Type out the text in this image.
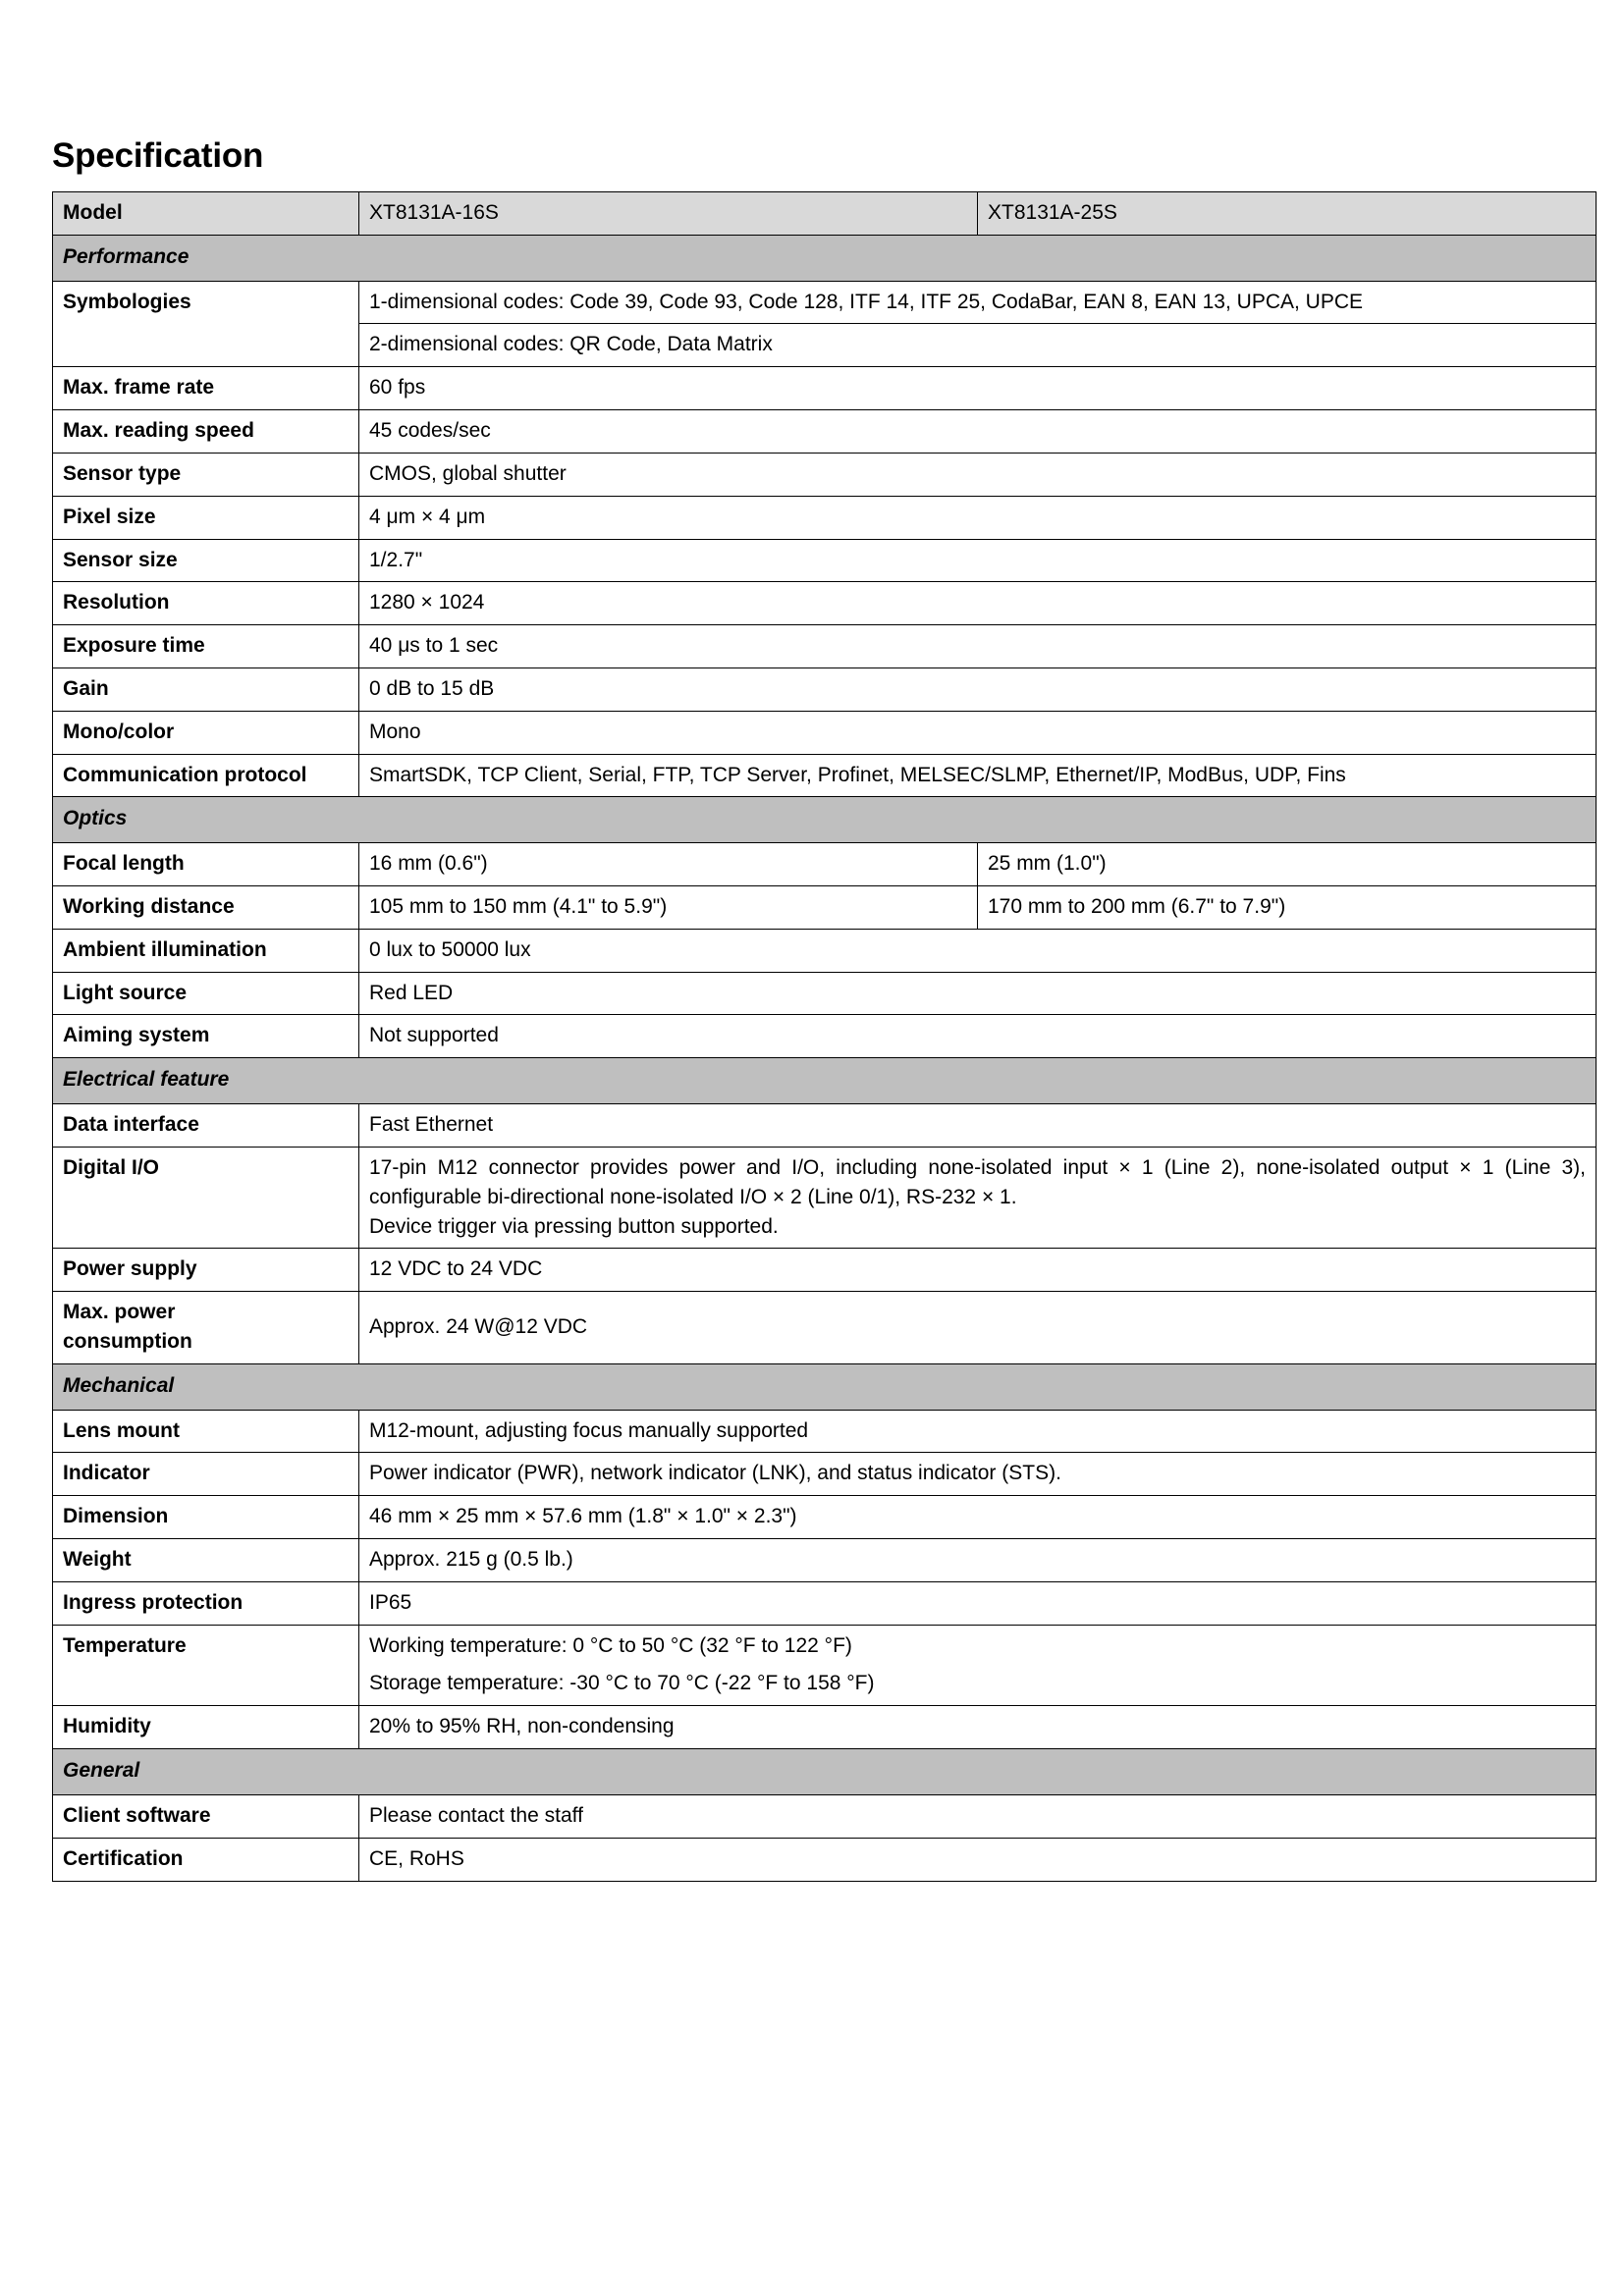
Specification
Model	XT8131A-16S	XT8131A-25S
Performance		
Symbologies	1-dimensional codes: Code 39, Code 93, Code 128, ITF 14, ITF 25, CodaBar, EAN 8, EAN 13, UPCA, UPCE	
	2-dimensional codes: QR Code, Data Matrix	
Max. frame rate	60 fps	
Max. reading speed	45 codes/sec	
Sensor type	CMOS, global shutter	
Pixel size	4 μm × 4 μm	
Sensor size	1/2.7"	
Resolution	1280 × 1024	
Exposure time	40 μs to 1 sec	
Gain	0 dB to 15 dB	
Mono/color	Mono	
Communication protocol	SmartSDK, TCP Client, Serial, FTP, TCP Server, Profinet, MELSEC/SLMP, Ethernet/IP, ModBus, UDP, Fins	
Optics		
Focal length	16 mm (0.6")	25 mm (1.0")
Working distance	105 mm to 150 mm (4.1" to 5.9")	170 mm to 200 mm (6.7" to 7.9")
Ambient illumination	0 lux to 50000 lux	
Light source	Red LED	
Aiming system	Not supported	
Electrical feature		
Data interface	Fast Ethernet	
Digital I/O	17-pin M12 connector provides power and I/O, including none-isolated input × 1 (Line 2), none-isolated output × 1 (Line 3), configurable bi-directional none-isolated I/O × 2 (Line 0/1), RS-232 × 1.
Device trigger via pressing button supported.	

Power supply	12 VDC to 24 VDC	
Max. power consumption	Approx. 24 W@12 VDC	
Mechanical		
Lens mount	M12-mount, adjusting focus manually supported	
Indicator	Power indicator (PWR), network indicator (LNK), and status indicator (STS).	
Dimension	46 mm × 25 mm × 57.6 mm (1.8" × 1.0" × 2.3")	
Weight	Approx. 215 g (0.5 lb.)	
Ingress protection	IP65	
Temperature	Working temperature: 0 °C to 50 °C (32 °F to 122 °F)
Storage temperature: -30 °C to 70 °C (-22 °F to 158 °F)	

Humidity	20% to 95% RH, non-condensing	
General		
Client software	Please contact the staff	
Certification	CE, RoHS	
